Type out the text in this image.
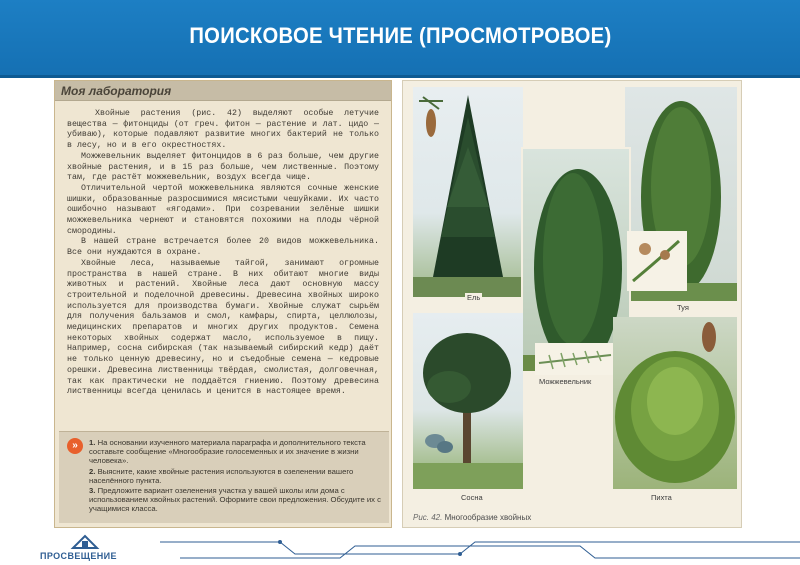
ПОИСКОВОЕ ЧТЕНИЕ (ПРОСМОТРОВОЕ)
Моя лаборатория

Хвойные растения (рис. 42) выделяют особые летучие вещества — фитонциды (от греч. фитон — растение и лат. цидо — убиваю), которые подавляют развитие многих бактерий не только в лесу, но и в его окрестностях.

Можжевельник выделяет фитонцидов в 6 раз больше, чем другие хвойные растения, и в 15 раз больше, чем лиственные. Поэтому там, где растёт можжевельник, воздух всегда чище.

Отличительной чертой можжевельника являются сочные женские шишки, образованные разросшимися мясистыми чешуйками. Их часто ошибочно называют «ягодами». При созревании зелёные шишки можжевельника чернеют и становятся похожими на плоды чёрной смородины.

В нашей стране встречается более 20 видов можжевельника. Все они нуждаются в охране.

Хвойные леса, называемые тайгой, занимают огромные пространства в нашей стране. В них обитают многие виды животных и растений. Хвойные леса дают основную массу строительной и поделочной древесины. Древесина хвойных широко используется для производства бумаги. Хвойные служат сырьём для получения бальзамов и смол, камфары, спирта, целлюлозы, медицинских препаратов и многих других продуктов. Семена некоторых хвойных содержат масло, используемое в пищу. Например, сосна сибирская (так называемый сибирский кедр) даёт не только ценную древесину, но и съедобные семена — кедровые орешки. Древесина лиственницы твёрдая, смолистая, долговечная, так как практически не поддаётся гниению. Поэтому древесина лиственницы всегда ценилась и ценится в настоящее время.

»	1. На основании изученного материала параграфа и дополнительного текста составьте сообщение «Многообразие голосеменных и их значение в жизни человека».
2. Выясните, какие хвойные растения используются в озеленении вашего населённого пункта.
3. Предложите вариант озеленения участка у вашей школы или дома с использованием хвойных растений. Оформите свои предложения. Обсудите их с учащимися класса.
Ель
Туя
Можжевельник
Сосна	Пихта
Рис. 42. Многообразие хвойных
ПРОСВЕЩЕНИЕ
